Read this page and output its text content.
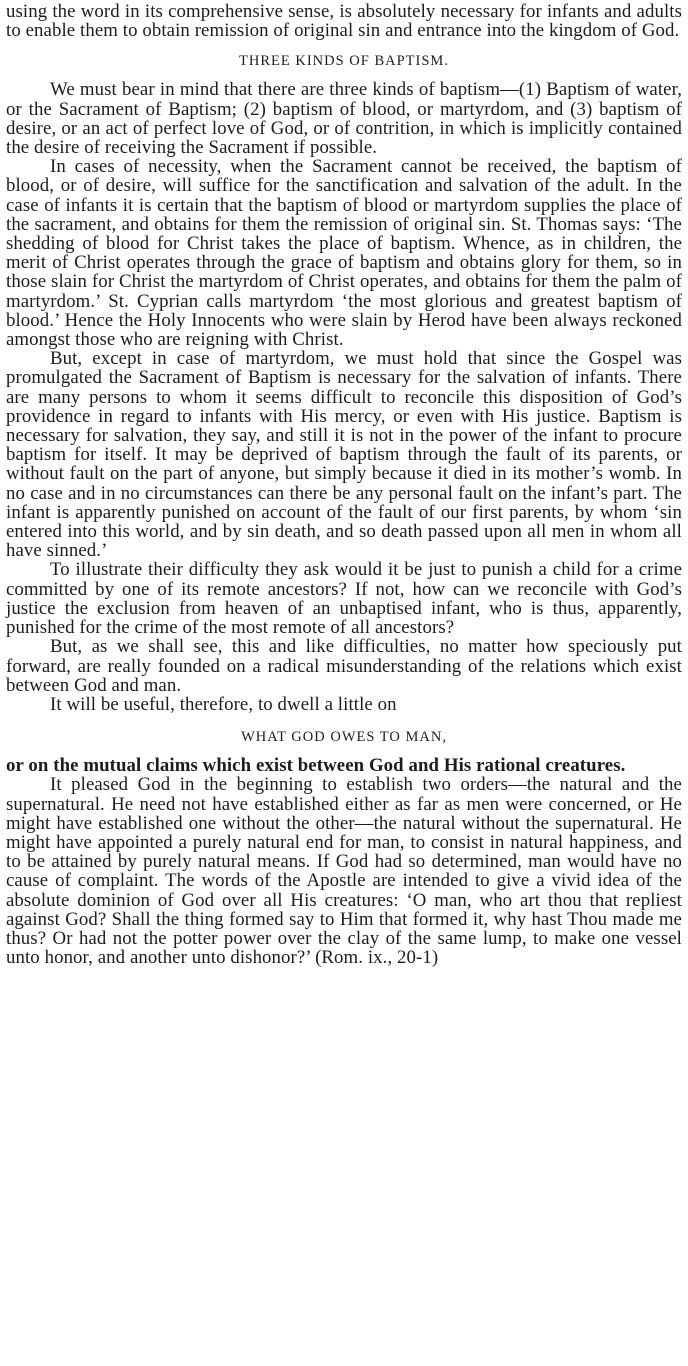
using the word in its comprehensive sense, is absolutely necessary for infants and adults to enable them to obtain remission of original sin and entrance into the kingdom of God.

THREE KINDS OF BAPTISM.

We must bear in mind that there are three kinds of baptism—(1) Baptism of water, or the Sacrament of Baptism; (2) baptism of blood, or martyrdom, and (3) baptism of desire, or an act of perfect love of God, or of contrition, in which is implicitly contained the desire of receiving the Sacrament if possible.

In cases of necessity, when the Sacrament cannot be received, the baptism of blood, or of desire, will suffice for the sanctification and salvation of the adult. In the case of infants it is certain that the baptism of blood or martyrdom supplies the place of the sacrament, and obtains for them the remission of original sin. St. Thomas says: ‘The shedding of blood for Christ takes the place of baptism. Whence, as in children, the merit of Christ operates through the grace of baptism and obtains glory for them, so in those slain for Christ the martyrdom of Christ operates, and obtains for them the palm of martyrdom.’ St. Cyprian calls martyrdom ‘the most glorious and greatest baptism of blood.’ Hence the Holy Innocents who were slain by Herod have been always reckoned amongst those who are reigning with Christ.

But, except in case of martyrdom, we must hold that since the Gospel was promulgated the Sacrament of Baptism is necessary for the salvation of infants. There are many persons to whom it seems difficult to reconcile this disposition of God’s providence in regard to infants with His mercy, or even with His justice. Baptism is necessary for salvation, they say, and still it is not in the power of the infant to procure baptism for itself. It may be deprived of baptism through the fault of its parents, or without fault on the part of anyone, but simply because it died in its mother’s womb. In no case and in no circumstances can there be any personal fault on the infant’s part. The infant is apparently punished on account of the fault of our first parents, by whom ‘sin entered into this world, and by sin death, and so death passed upon all men in whom all have sinned.’

To illustrate their difficulty they ask would it be just to punish a child for a crime committed by one of its remote ancestors? If not, how can we reconcile with God’s justice the exclusion from heaven of an unbaptised infant, who is thus, apparently, punished for the crime of the most remote of all ancestors?

But, as we shall see, this and like difficulties, no matter how speciously put forward, are really founded on a radical misunderstanding of the relations which exist between God and man.

It will be useful, therefore, to dwell a little on

WHAT GOD OWES TO MAN,

or on the mutual claims which exist between God and His rational creatures.

It pleased God in the beginning to establish two orders—the natural and the supernatural. He need not have established either as far as men were concerned, or He might have established one without the other—the natural without the supernatural. He might have appointed a purely natural end for man, to consist in natural happiness, and to be attained by purely natural means. If God had so determined, man would have no cause of complaint. The words of the Apostle are intended to give a vivid idea of the absolute dominion of God over all His creatures: ‘O man, who art thou that repliest against God? Shall the thing formed say to Him that formed it, why hast Thou made me thus? Or had not the potter power over the clay of the same lump, to make one vessel unto honor, and another unto dishonor?’ (Rom. ix., 20-1)
